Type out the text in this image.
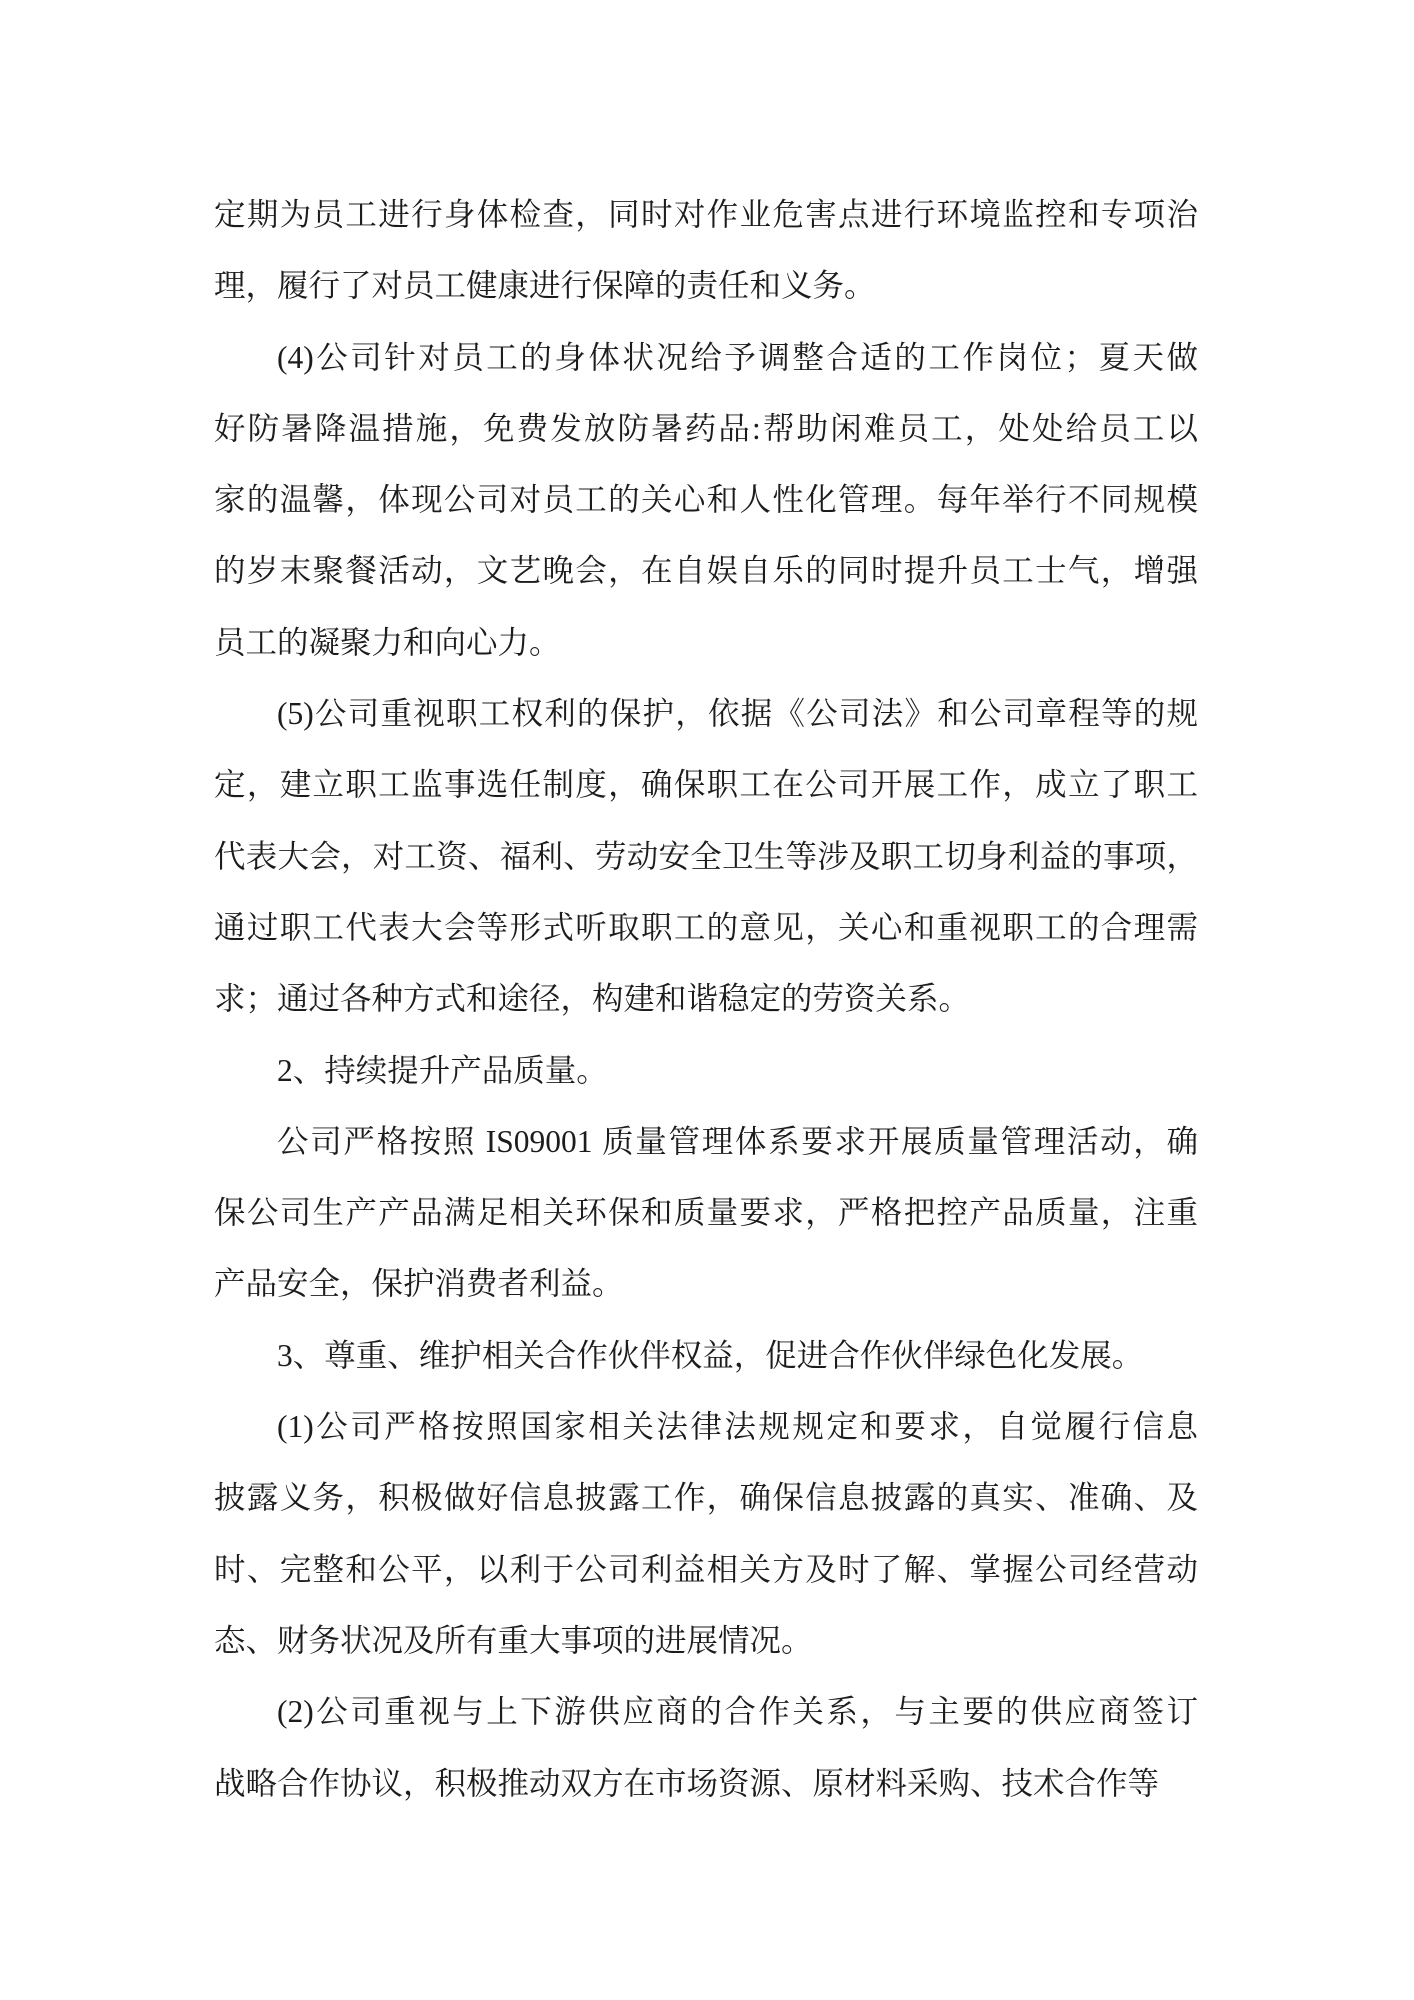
定期为员工进行身体检查，同时对作业危害点进行环境监控和专项治
理，履行了对员工健康进行保障的责任和义务。
(4)公司针对员工的身体状况给予调整合适的工作岗位；夏天做
好防暑降温措施，免费发放防暑药品:帮助闲难员工，处处给员工以
家的温馨，体现公司对员工的关心和人性化管理。每年举行不同规模
的岁末聚餐活动，文艺晚会，在自娱自乐的同时提升员工士气，增强
员工的凝聚力和向心力。
(5)公司重视职工权利的保护，依据《公司法》和公司章程等的规
定，建立职工监事选任制度，确保职工在公司开展工作，成立了职工
代表大会，对工资、福利、劳动安全卫生等涉及职工切身利益的事项，
通过职工代表大会等形式听取职工的意见，关心和重视职工的合理需
求；通过各种方式和途径，构建和谐稳定的劳资关系。
2、持续提升产品质量。
公司严格按照 IS09001 质量管理体系要求开展质量管理活动，确
保公司生产产品满足相关环保和质量要求，严格把控产品质量，注重
产品安全，保护消费者利益。
3、尊重、维护相关合作伙伴权益，促进合作伙伴绿色化发展。
(1)公司严格按照国家相关法律法规规定和要求，自觉履行信息
披露义务，积极做好信息披露工作，确保信息披露的真实、准确、及
时、完整和公平，以利于公司利益相关方及时了解、掌握公司经营动
态、财务状况及所有重大事项的进展情况。
(2)公司重视与上下游供应商的合作关系，与主要的供应商签订
战略合作协议，积极推动双方在市场资源、原材料采购、技术合作等
